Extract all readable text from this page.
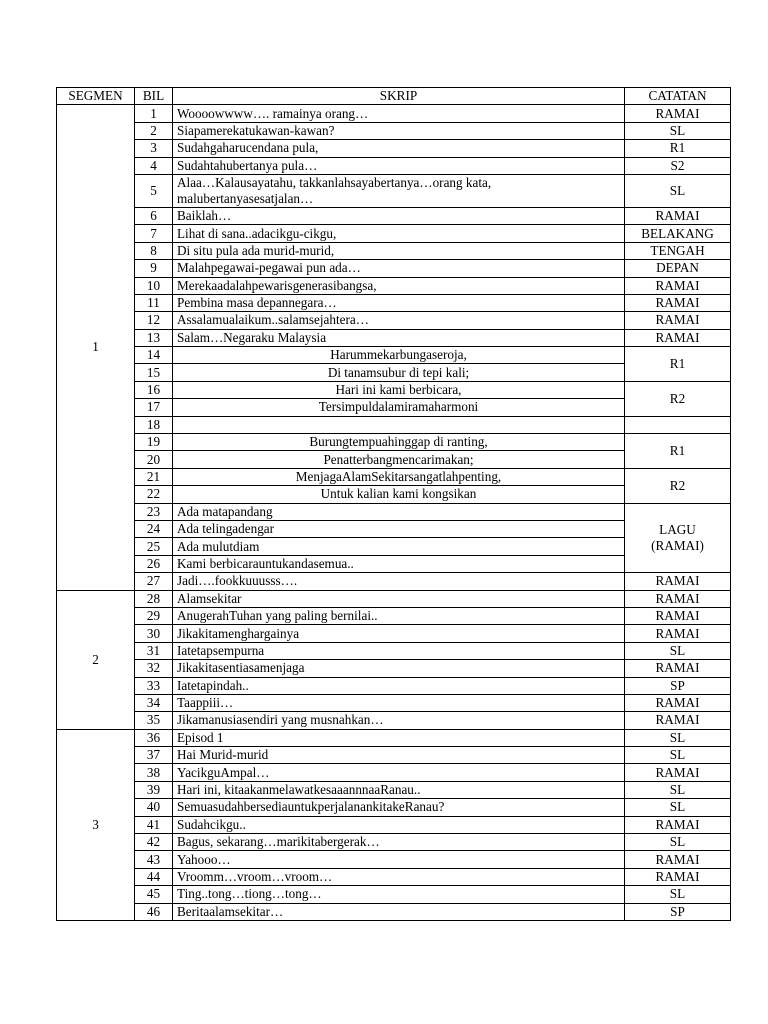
SEGMEN	BIL	SKRIP	CATATAN
1	1	Woooowwww…. ramainya orang…	RAMAI
	2	Siapamerekatukawan-kawan?	SL
	3	Sudahgaharucendana pula,	R1
	4	Sudahtahubertanya pula…	S2
	5	Alaa…Kalausayatahu, takkanlahsayabertanya…orang kata, malubertanyasesatjalan…	SL
	6	Baiklah…	RAMAI
	7	Lihat di sana..adacikgu-cikgu,	BELAKANG
	8	Di situ pula ada murid-murid,	TENGAH
	9	Malahpegawai-pegawai pun ada…	DEPAN
	10	Merekaadalahpewarisgenerasibangsa,	RAMAI
	11	Pembina masa depannegara…	RAMAI
	12	Assalamualaikum..salamsejahtera…	RAMAI
	13	Salam…Negaraku Malaysia	RAMAI
	14	Harummekarbungaseroja,	R1
	15	Di tanamsubur di tepi kali;	
	16	Hari ini kami berbicara,	R2
	17	Tersimpuldalamiramaharmoni	
	18		
	19	Burungtempuahinggap di ranting,	R1
	20	Penatterbangmencarimakan;	
	21	MenjagaAlamSekitarsangatlahpenting,	R2
	22	Untuk kalian kami kongsikan	
	23	Ada matapandang	LAGU (RAMAI)
	24	Ada telingadengar	
	25	Ada mulutdiam	
	26	Kami berbicarauntukandasemua..	
	27	Jadi….fookkuuusss….	RAMAI
2	28	Alamsekitar	RAMAI
	29	AnugerahTuhan yang paling bernilai..	RAMAI
	30	Jikakitamenghargainya	RAMAI
	31	Iatetapsempurna	SL
	32	Jikakitasentiasamenjaga	RAMAI
	33	Iatetapindah..	SP
	34	Taappiii…	RAMAI
	35	Jikamanusiasendiri yang musnahkan…	RAMAI
3	36	Episod 1	SL
	37	Hai Murid-murid	SL
	38	YacikguAmpal…	RAMAI
	39	Hari ini, kitaakanmelawatkesaaannnaaRanau..	SL
	40	SemuasudahbersediauntukperjalanankitakeRanau?	SL
	41	Sudahcikgu..	RAMAI
	42	Bagus, sekarang…marikitabergerak…	SL
	43	Yahooo…	RAMAI
	44	Vroomm…vroom…vroom…	RAMAI
	45	Ting..tong…tiong…tong…	SL
	46	Beritaalamsekitar…	SP
